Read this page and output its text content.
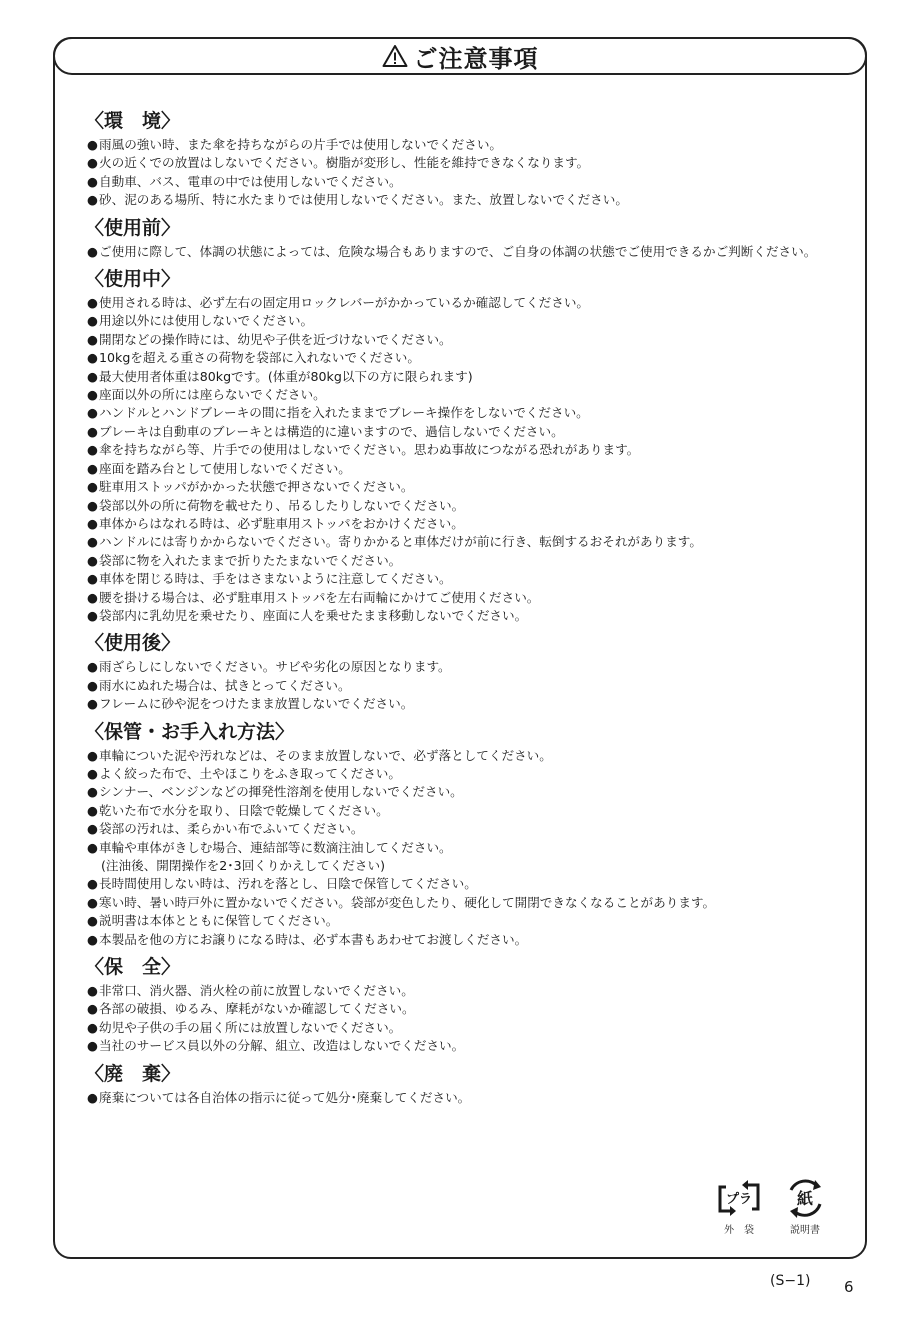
ご注意事項
〈環　境〉
● 雨風の強い時、また傘を持ちながらの片手では使用しないでください。
● 火の近くでの放置はしないでください。樹脂が変形し、性能を維持できなくなります。
● 自動車、バス、電車の中では使用しないでください。
● 砂、泥のある場所、特に水たまりでは使用しないでください。また、放置しないでください。
〈使用前〉
● ご使用に際して、体調の状態によっては、危険な場合もありますので、ご自身の体調の状態でご使用できるかご判断ください。
〈使用中〉
● 使用される時は、必ず左右の固定用ロックレバーがかかっているか確認してください。
● 用途以外には使用しないでください。
● 開閉などの操作時には、幼児や子供を近づけないでください。
● 10kgを超える重さの荷物を袋部に入れないでください。
● 最大使用者体重は80kgです。(体重が80kg以下の方に限られます)
● 座面以外の所には座らないでください。
● ハンドルとハンドブレーキの間に指を入れたままでブレーキ操作をしないでください。
● ブレーキは自動車のブレーキとは構造的に違いますので、過信しないでください。
● 傘を持ちながら等、片手での使用はしないでください。思わぬ事故につながる恐れがあります。
● 座面を踏み台として使用しないでください。
● 駐車用ストッパがかかった状態で押さないでください。
● 袋部以外の所に荷物を載せたり、吊るしたりしないでください。
● 車体からはなれる時は、必ず駐車用ストッパをおかけください。
● ハンドルには寄りかからないでください。寄りかかると車体だけが前に行き、転倒するおそれがあります。
● 袋部に物を入れたままで折りたたまないでください。
● 車体を閉じる時は、手をはさまないように注意してください。
● 腰を掛ける場合は、必ず駐車用ストッパを左右両輪にかけてご使用ください。
● 袋部内に乳幼児を乗せたり、座面に人を乗せたまま移動しないでください。
〈使用後〉
● 雨ざらしにしないでください。サビや劣化の原因となります。
● 雨水にぬれた場合は、拭きとってください。
● フレームに砂や泥をつけたまま放置しないでください。
〈保管・お手入れ方法〉
● 車輪についた泥や汚れなどは、そのまま放置しないで、必ず落としてください。
● よく絞った布で、土やほこりをふき取ってください。
● シンナー、ベンジンなどの揮発性溶剤を使用しないでください。
● 乾いた布で水分を取り、日陰で乾燥してください。
● 袋部の汚れは、柔らかい布でふいてください。
● 車輪や車体がきしむ場合、連結部等に数滴注油してください。
(注油後、開閉操作を2･3回くりかえしてください)
● 長時間使用しない時は、汚れを落とし、日陰で保管してください。
● 寒い時、暑い時戸外に置かないでください。袋部が変色したり、硬化して開閉できなくなることがあります。
● 説明書は本体とともに保管してください。
● 本製品を他の方にお譲りになる時は、必ず本書もあわせてお渡しください。
〈保　全〉
● 非常口、消火器、消火栓の前に放置しないでください。
● 各部の破損、ゆるみ、摩耗がないか確認してください。
● 幼児や子供の手の届く所には放置しないでください。
● 当社のサービス員以外の分解、組立、改造はしないでください。
〈廃　棄〉
● 廃棄については各自治体の指示に従って処分･廃棄してください。
プラ
外　袋
紙
説明書
(S−1) 6
